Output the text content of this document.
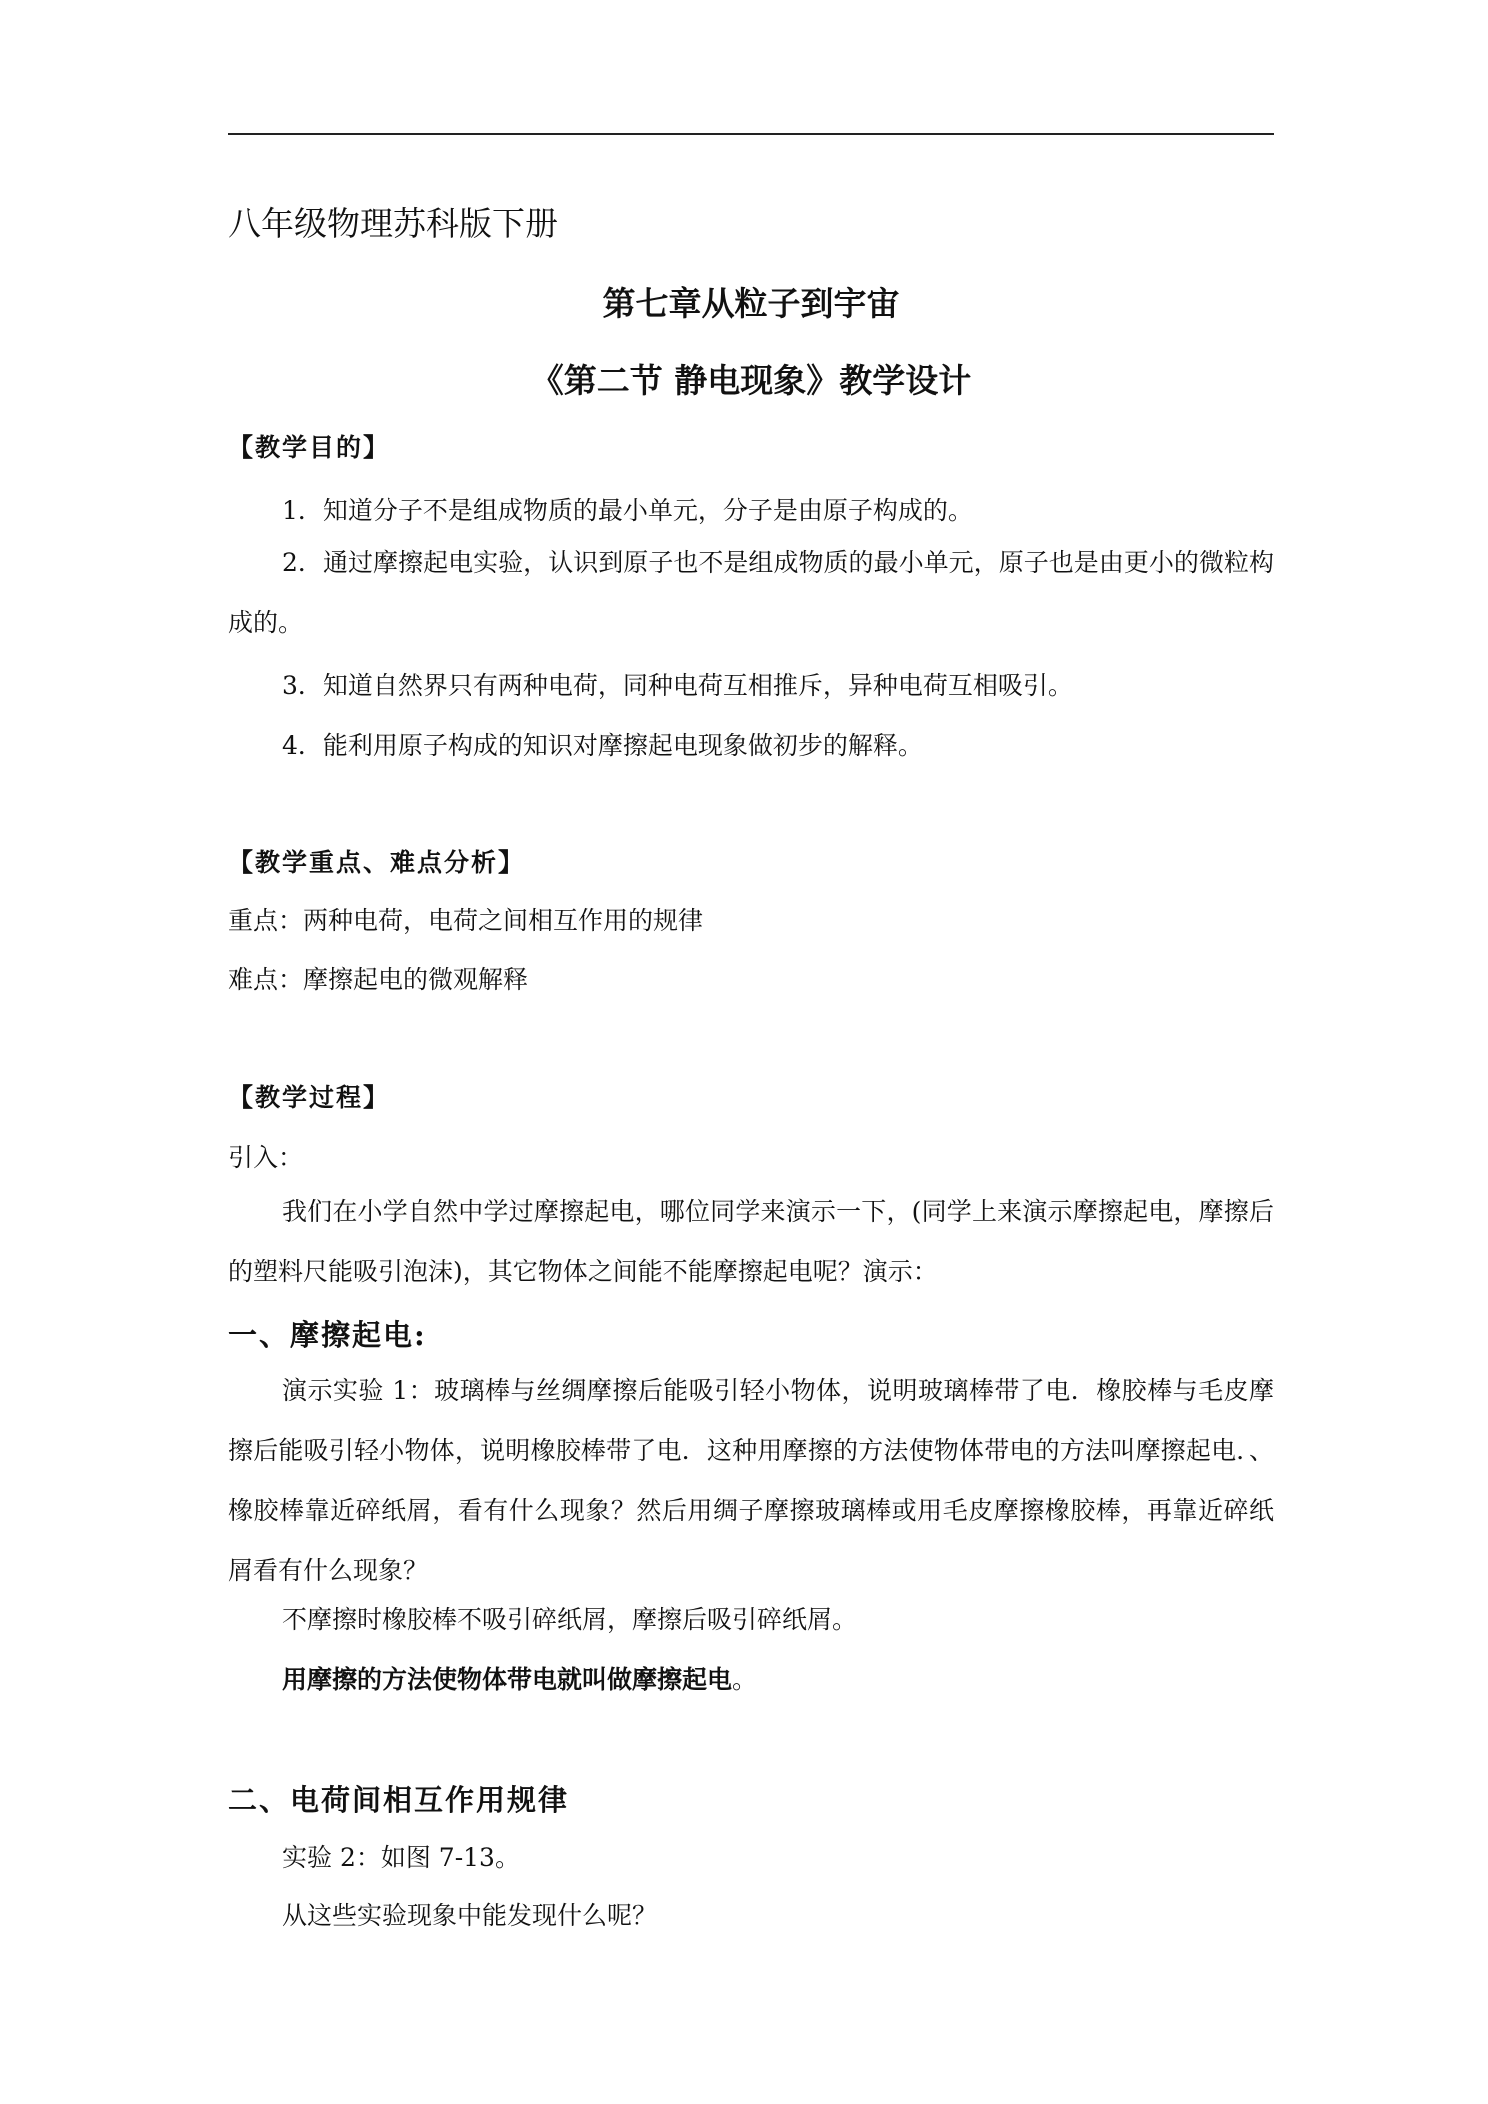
八年级物理苏科版下册
第七章从粒子到宇宙
《第二节 静电现象》教学设计
【教学目的】
1．知道分子不是组成物质的最小单元，分子是由原子构成的。
2．通过摩擦起电实验，认识到原子也不是组成物质的最小单元，原子也是由更小的微粒构成的。
3．知道自然界只有两种电荷，同种电荷互相推斥，异种电荷互相吸引。
4．能利用原子构成的知识对摩擦起电现象做初步的解释。
【教学重点、难点分析】
重点：两种电荷，电荷之间相互作用的规律
难点：摩擦起电的微观解释
【教学过程】
引入：
我们在小学自然中学过摩擦起电，哪位同学来演示一下，(同学上来演示摩擦起电，摩擦后的塑料尺能吸引泡沫)，其它物体之间能不能摩擦起电呢？演示：
一、摩擦起电:
演示实验 1：玻璃棒与丝绸摩擦后能吸引轻小物体，说明玻璃棒带了电．橡胶棒与毛皮摩擦后能吸引轻小物体，说明橡胶棒带了电．这种用摩擦的方法使物体带电的方法叫摩擦起电．、橡胶棒靠近碎纸屑，看有什么现象？然后用绸子摩擦玻璃棒或用毛皮摩擦橡胶棒，再靠近碎纸屑看有什么现象？
不摩擦时橡胶棒不吸引碎纸屑，摩擦后吸引碎纸屑。
用摩擦的方法使物体带电就叫做摩擦起电。
二、电荷间相互作用规律
实验 2：如图 7-13。
从这些实验现象中能发现什么呢？
